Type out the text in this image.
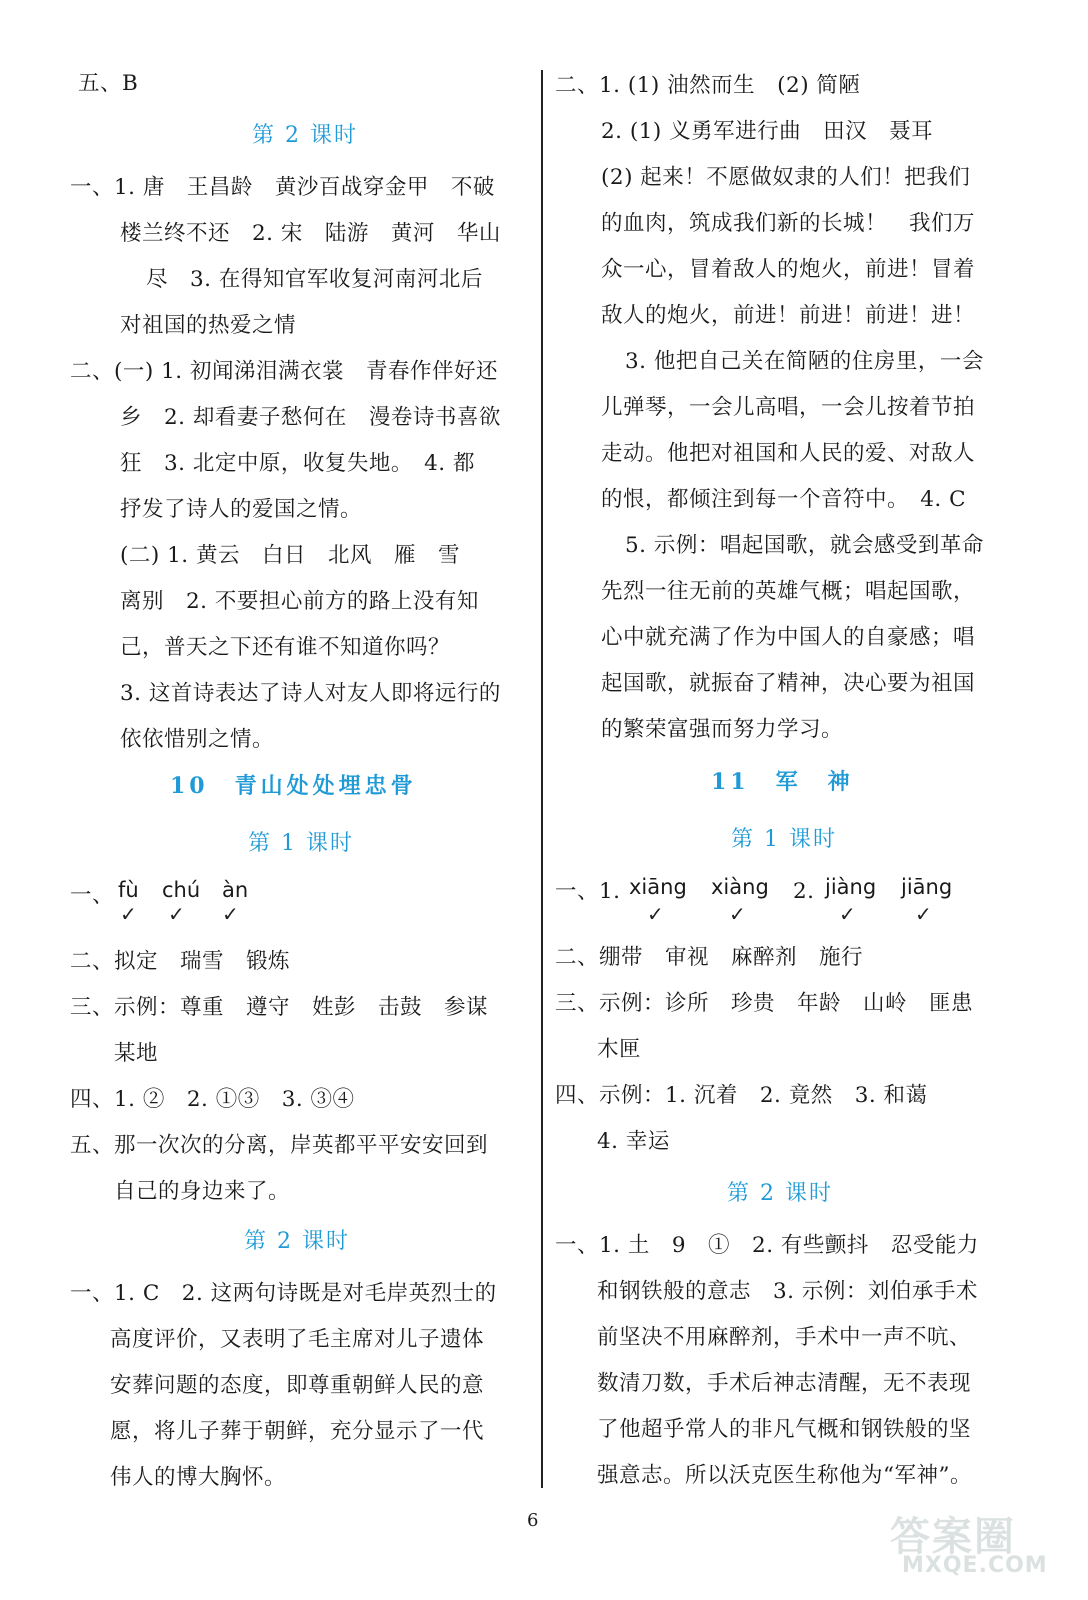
五、B
第 2 课时
一、1. 唐　王昌龄　黄沙百战穿金甲　不破
楼兰终不还　2. 宋　陆游　黄河　华山
尽　3. 在得知官军收复河南河北后
对祖国的热爱之情
二、(一) 1. 初闻涕泪满衣裳　青春作伴好还
乡　2. 却看妻子愁何在　漫卷诗书喜欲
狂　3. 北定中原，收复失地。　4. 都
抒发了诗人的爱国之情。
(二) 1. 黄云　白日　北风　雁　雪
离别　2. 不要担心前方的路上没有知
己，普天之下还有谁不知道你吗？
3. 这首诗表达了诗人对友人即将远行的
依依惜别之情。
10　青山处处埋忠骨
第 1 课时
一、 fù chú àn
✓ ✓ ✓
二、拟定　瑞雪　锻炼
三、示例：尊重　遵守　姓彭　击鼓　参谋
某地
四、1. ②　2. ①③　3. ③④
五、那一次次的分离，岸英都平平安安回到
自己的身边来了。
第 2 课时
一、1. C　2. 这两句诗既是对毛岸英烈士的
高度评价，又表明了毛主席对儿子遗体
安葬问题的态度，即尊重朝鲜人民的意
愿，将儿子葬于朝鲜，充分显示了一代
伟人的博大胸怀。
二、1. (1) 油然而生　(2) 简陋
2. (1) 义勇军进行曲　田汉　聂耳
(2) 起来！不愿做奴隶的人们！把我们
的血肉，筑成我们新的长城！　我们万
众一心，冒着敌人的炮火，前进！冒着
敌人的炮火，前进！前进！前进！进！
3. 他把自己关在简陋的住房里，一会
儿弹琴，一会儿高唱，一会儿按着节拍
走动。他把对祖国和人民的爱、对敌人
的恨，都倾注到每一个音符中。　4. C
5. 示例：唱起国歌，就会感受到革命
先烈一往无前的英雄气概；唱起国歌，
心中就充满了作为中国人的自豪感；唱
起国歌，就振奋了精神，决心要为祖国
的繁荣富强而努力学习。
11　军　神
第 1 课时
一、1. xiāng xiàng 2. jiàng jiāng
✓	✓	✓	✓
二、绷带　审视　麻醉剂　施行
三、示例：诊所　珍贵　年龄　山岭　匪患
木匣
四、示例：1. 沉着　2. 竟然　3. 和蔼
4. 幸运
第 2 课时
一、1. 土　9　①　2. 有些颤抖　忍受能力
和钢铁般的意志　3. 示例：刘伯承手术
前坚决不用麻醉剂，手术中一声不吭、
数清刀数，手术后神志清醒，无不表现
了他超乎常人的非凡气概和钢铁般的坚
强意志。所以沃克医生称他为“军神”。
6	答案圈
MXQE.COM
